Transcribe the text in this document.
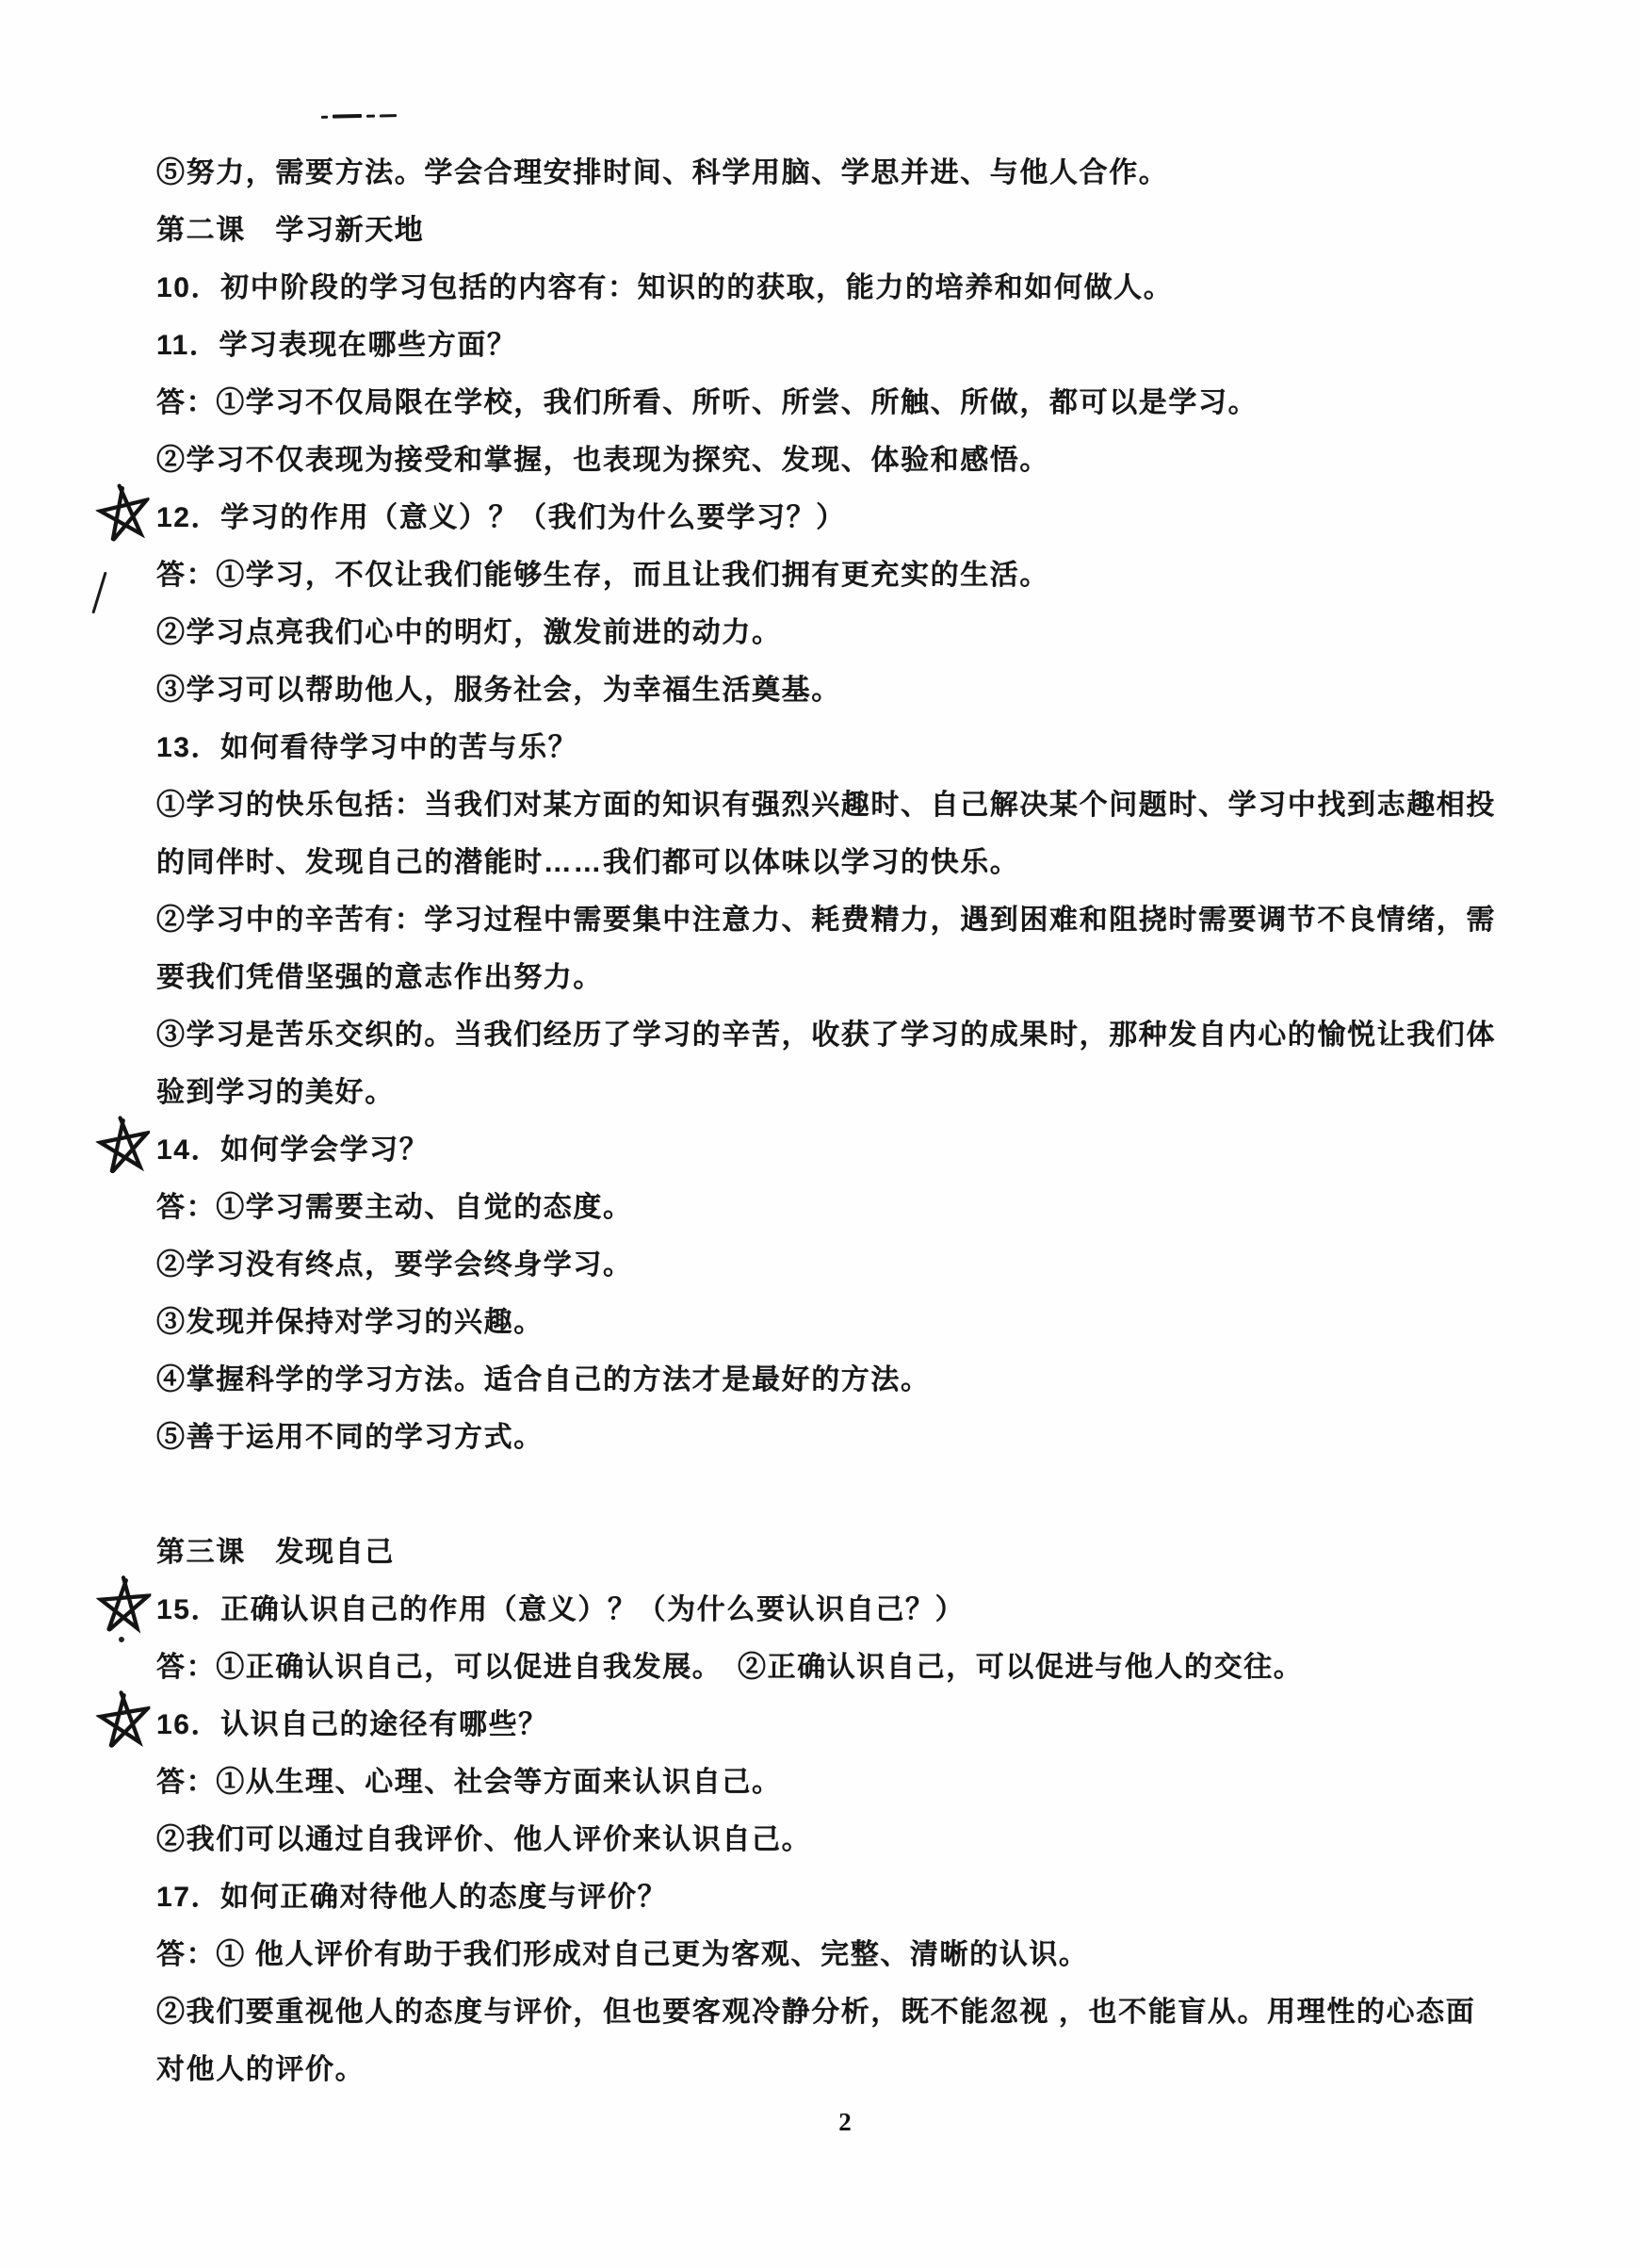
⑤努力，需要方法。学会合理安排时间、科学用脑、学思并进、与他人合作。
第二课　学习新天地
10．初中阶段的学习包括的内容有：知识的的获取，能力的培养和如何做人。
11．学习表现在哪些方面？
答：①学习不仅局限在学校，我们所看、所听、所尝、所触、所做，都可以是学习。
②学习不仅表现为接受和掌握，也表现为探究、发现、体验和感悟。
12．学习的作用（意义）？（我们为什么要学习？）
答：①学习，不仅让我们能够生存，而且让我们拥有更充实的生活。
②学习点亮我们心中的明灯，激发前进的动力。
③学习可以帮助他人，服务社会，为幸福生活奠基。
13．如何看待学习中的苦与乐？
①学习的快乐包括：当我们对某方面的知识有强烈兴趣时、自己解决某个问题时、学习中找到志趣相投
的同伴时、发现自己的潜能时……我们都可以体味以学习的快乐。
②学习中的辛苦有：学习过程中需要集中注意力、耗费精力，遇到困难和阻挠时需要调节不良情绪，需
要我们凭借坚强的意志作出努力。
③学习是苦乐交织的。当我们经历了学习的辛苦，收获了学习的成果时，那种发自内心的愉悦让我们体
验到学习的美好。
14．如何学会学习？
答：①学习需要主动、自觉的态度。
②学习没有终点，要学会终身学习。
③发现并保持对学习的兴趣。
④掌握科学的学习方法。适合自己的方法才是最好的方法。
⑤善于运用不同的学习方式。
第三课　发现自己
15．正确认识自己的作用（意义）？（为什么要认识自己？）
答：①正确认识自己，可以促进自我发展。　②正确认识自己，可以促进与他人的交往。
16．认识自己的途径有哪些？
答：①从生理、心理、社会等方面来认识自己。
②我们可以通过自我评价、他人评价来认识自己。
17．如何正确对待他人的态度与评价？
答：① 他人评价有助于我们形成对自己更为客观、完整、清晰的认识。
②我们要重视他人的态度与评价，但也要客观冷静分析，既不能忽视 ，也不能盲从。用理性的心态面
对他人的评价。
2
